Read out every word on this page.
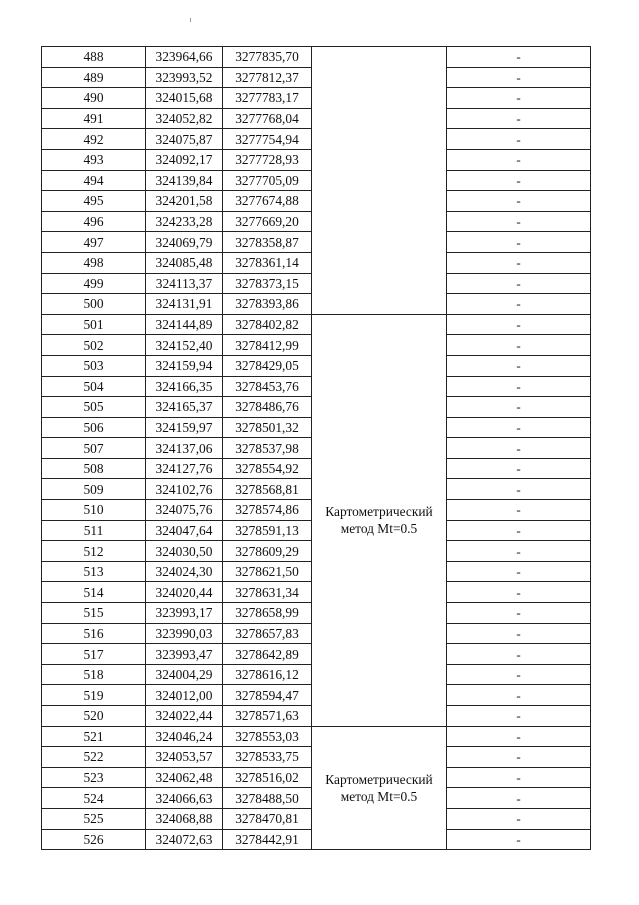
488	323964,66	3277835,70		-
489	323993,52	3277812,37		-
490	324015,68	3277783,17		-
491	324052,82	3277768,04		-
492	324075,87	3277754,94		-
493	324092,17	3277728,93		-
494	324139,84	3277705,09		-
495	324201,58	3277674,88		-
496	324233,28	3277669,20		-
497	324069,79	3278358,87		-
498	324085,48	3278361,14		-
499	324113,37	3278373,15		-
500	324131,91	3278393,86		-
501	324144,89	3278402,82	Картометрический метод Mt=0.5	-
502	324152,40	3278412,99		-
503	324159,94	3278429,05		-
504	324166,35	3278453,76		-
505	324165,37	3278486,76		-
506	324159,97	3278501,32		-
507	324137,06	3278537,98		-
508	324127,76	3278554,92		-
509	324102,76	3278568,81		-
510	324075,76	3278574,86		-
511	324047,64	3278591,13		-
512	324030,50	3278609,29		-
513	324024,30	3278621,50		-
514	324020,44	3278631,34		-
515	323993,17	3278658,99		-
516	323990,03	3278657,83		-
517	323993,47	3278642,89		-
518	324004,29	3278616,12		-
519	324012,00	3278594,47		-
520	324022,44	3278571,63		-
521	324046,24	3278553,03	Картометрический метод Mt=0.5	-
522	324053,57	3278533,75		-
523	324062,48	3278516,02		-
524	324066,63	3278488,50		-
525	324068,88	3278470,81		-
526	324072,63	3278442,91		-
